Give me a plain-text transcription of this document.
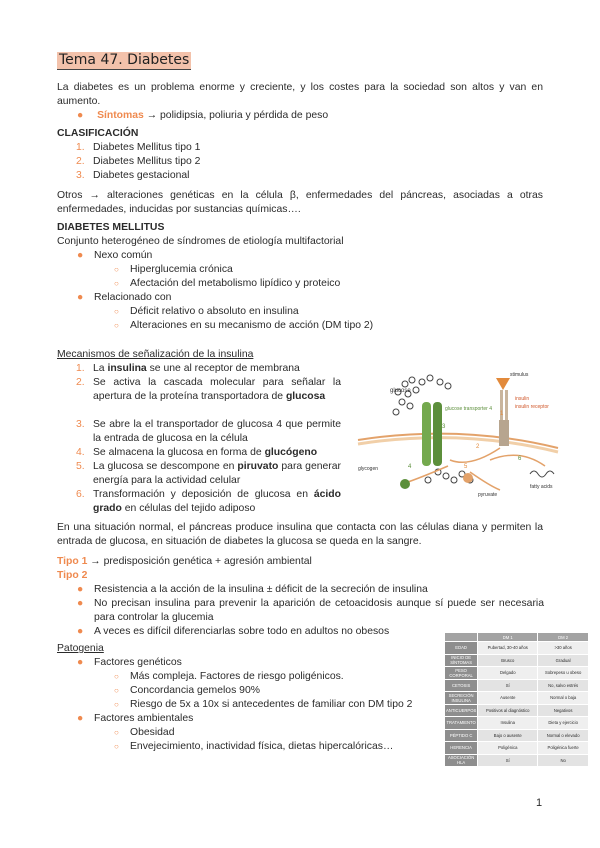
Tema 47. Diabetes
La diabetes es un problema enorme y creciente, y los costes para la sociedad son altos y van en aumento.
● Síntomas → polidipsia, poliuria y pérdida de peso
CLASIFICACIÓN
1. Diabetes Mellitus tipo 1
2. Diabetes Mellitus tipo 2
3. Diabetes gestacional
Otros → alteraciones genéticas en la célula β, enfermedades del páncreas, asociadas a otras enfermedades, inducidas por sustancias químicas….
DIABETES MELLITUS
Conjunto heterogéneo de síndromes de etiología multifactorial
● Nexo común
○ Hiperglucemia crónica
○ Afectación del metabolismo lipídico y proteico
● Relacionado con
○ Déficit relativo o absoluto en insulina
○ Alteraciones en su mecanismo de acción (DM tipo 2)
Mecanismos de señalización de la insulina
1. La insulina se une al receptor de membrana
2. Se activa la cascada molecular para señalar la apertura de la proteína transportadora de glucosa
3. Se abre la el transportador de glucosa 4 que permite la entrada de glucosa en la célula
4. Se almacena la glucosa en forma de glucógeno
5. La glucosa se descompone en piruvato para generar energía para la actividad celular
6. Transformación y deposición de glucosa en ácido grado en células del tejido adiposo
glucose
stimulus
insulin
insulin receptor
glucose transporter 4
glycogen
pyruvate
fatty acids
1
2
3
4	5
6
En una situación normal, el páncreas produce insulina que contacta con las células diana y permiten la entrada de glucosa, en situación de diabetes la glucosa se queda en la sangre.
Tipo 1 → predisposición genética + agresión ambiental
Tipo 2
● Resistencia a la acción de la insulina ± déficit de la secreción de insulina
● No precisan insulina para prevenir la aparición de cetoacidosis aunque sí puede ser necesaria para controlar la glucemia
● A veces es difícil diferenciarlas sobre todo en adultos no obesos
Patogenia
● Factores genéticos
○ Más compleja. Factores de riesgo poligénicos.
○ Concordancia gemelos 90%
○ Riesgo de 5x a 10x si antecedentes de familiar con DM tipo 2
● Factores ambientales
○ Obesidad
○ Envejecimiento, inactividad física, dietas hipercalóricas…
	DM 1	DM 2
EDAD	Pubertad, 30-40 años	>30 años
INICIO DE SÍNTOMAS	Brusco	Gradual
PESO CORPORAL	Delgado	Sobrepeso u obeso
CETOSIS	Sí	No, salvo estrés
SECRECIÓN INSULINA	Ausente	Normal o baja
ANTICUERPOS	Positivos al diagnóstico	Negativos
TRATAMIENTO	Insulina	Dieta y ejercicio
PÉPTIDO C	Bajo o ausente	Normal o elevado
HERENCIA	Poligénica	Poligénica fuerte
ASOCIACIÓN HLA	Sí	No
1
